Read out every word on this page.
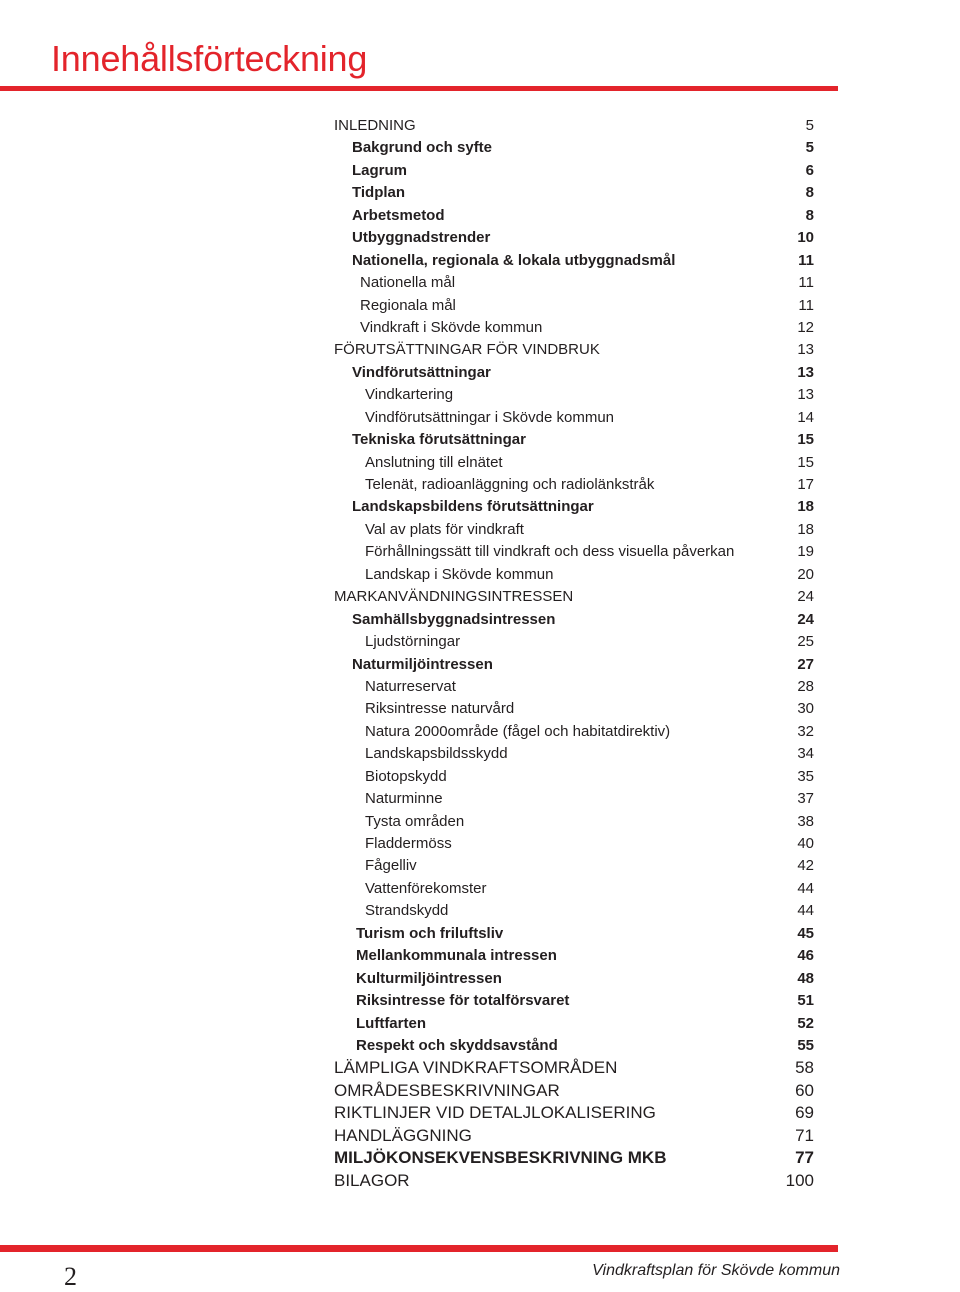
Innehållsförteckning
INLEDNING	5
Bakgrund och syfte	5
Lagrum	6
Tidplan	8
Arbetsmetod	8
Utbyggnadstrender	10
Nationella, regionala & lokala utbyggnadsmål	11
Nationella mål	11
Regionala mål	11
Vindkraft i Skövde kommun	12
FÖRUTSÄTTNINGAR FÖR VINDBRUK	13
Vindförutsättningar	13
Vindkartering	13
Vindförutsättningar i Skövde kommun	14
Tekniska förutsättningar	15
Anslutning till elnätet	15
Telenät, radioanläggning och radiolänkstråk	17
Landskapsbildens förutsättningar	18
Val av plats för vindkraft	18
Förhållningssätt till vindkraft och dess visuella påverkan	19
Landskap i Skövde kommun	20
MARKANVÄNDNINGSINTRESSEN	24
Samhällsbyggnadsintressen	24
Ljudstörningar	25
Naturmiljöintressen	27
Naturreservat	28
Riksintresse naturvård	30
Natura 2000område (fågel och habitatdirektiv)	32
Landskapsbildsskydd	34
Biotopskydd	35
Naturminne	37
Tysta områden	38
Fladdermöss	40
Fågelliv	42
Vattenförekomster	44
Strandskydd	44
Turism och friluftsliv	45
Mellankommunala intressen	46
Kulturmiljöintressen	48
Riksintresse för totalförsvaret	51
Luftfarten	52
Respekt och skyddsavstånd	55
LÄMPLIGA VINDKRAFTSOMRÅDEN	58
OMRÅDESBESKRIVNINGAR	60
RIKTLINJER VID DETALJLOKALISERING	69
HANDLÄGGNING	71
MILJÖKONSEKVENSBESKRIVNING MKB	77
BILAGOR	100
2	Vindkraftsplan för Skövde kommun
